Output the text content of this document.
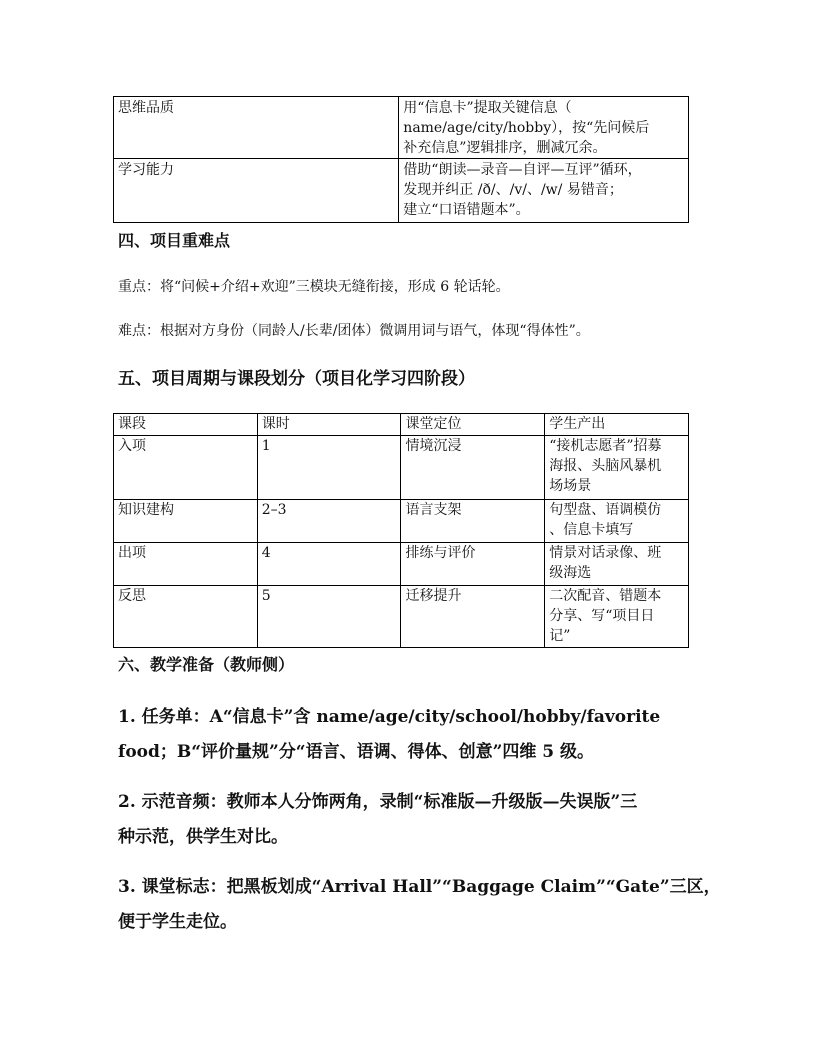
思维品质	用“信息卡”提取关键信息（
name/age/city/hobby），按“先问候后
补充信息”逻辑排序，删减冗余。

学习能力	借助“朗读—录音—自评—互评”循环，
发现并纠正 /ð/、/v/、/w/ 易错音；
建立“口语错题本”。
四、项目重难点
重点：将“问候+介绍+欢迎”三模块无缝衔接，形成 6 轮话轮。
难点：根据对方身份（同龄人/长辈/团体）微调用词与语气，体现“得体性”。
五、项目周期与课段划分（项目化学习四阶段）
课段	课时	课堂定位	学生产出
入项	1	情境沉浸	“接机志愿者”招募
海报、头脑风暴机
场场景

知识建构	2–3	语言支架	句型盘、语调模仿
、信息卡填写

出项	4	排练与评价	情景对话录像、班
级海选

反思	5	迁移提升	二次配音、错题本
分享、写“项目日
记”
六、教学准备（教师侧）
1. 任务单：A“信息卡”含 name/age/city/school/hobby/favorite
food；B“评价量规”分“语言、语调、得体、创意”四维 5 级。
2. 示范音频：教师本人分饰两角，录制“标准版—升级版—失误版”三
种示范，供学生对比。
3. 课堂标志：把黑板划成“Arrival Hall”“Baggage Claim”“Gate”三区，
便于学生走位。
